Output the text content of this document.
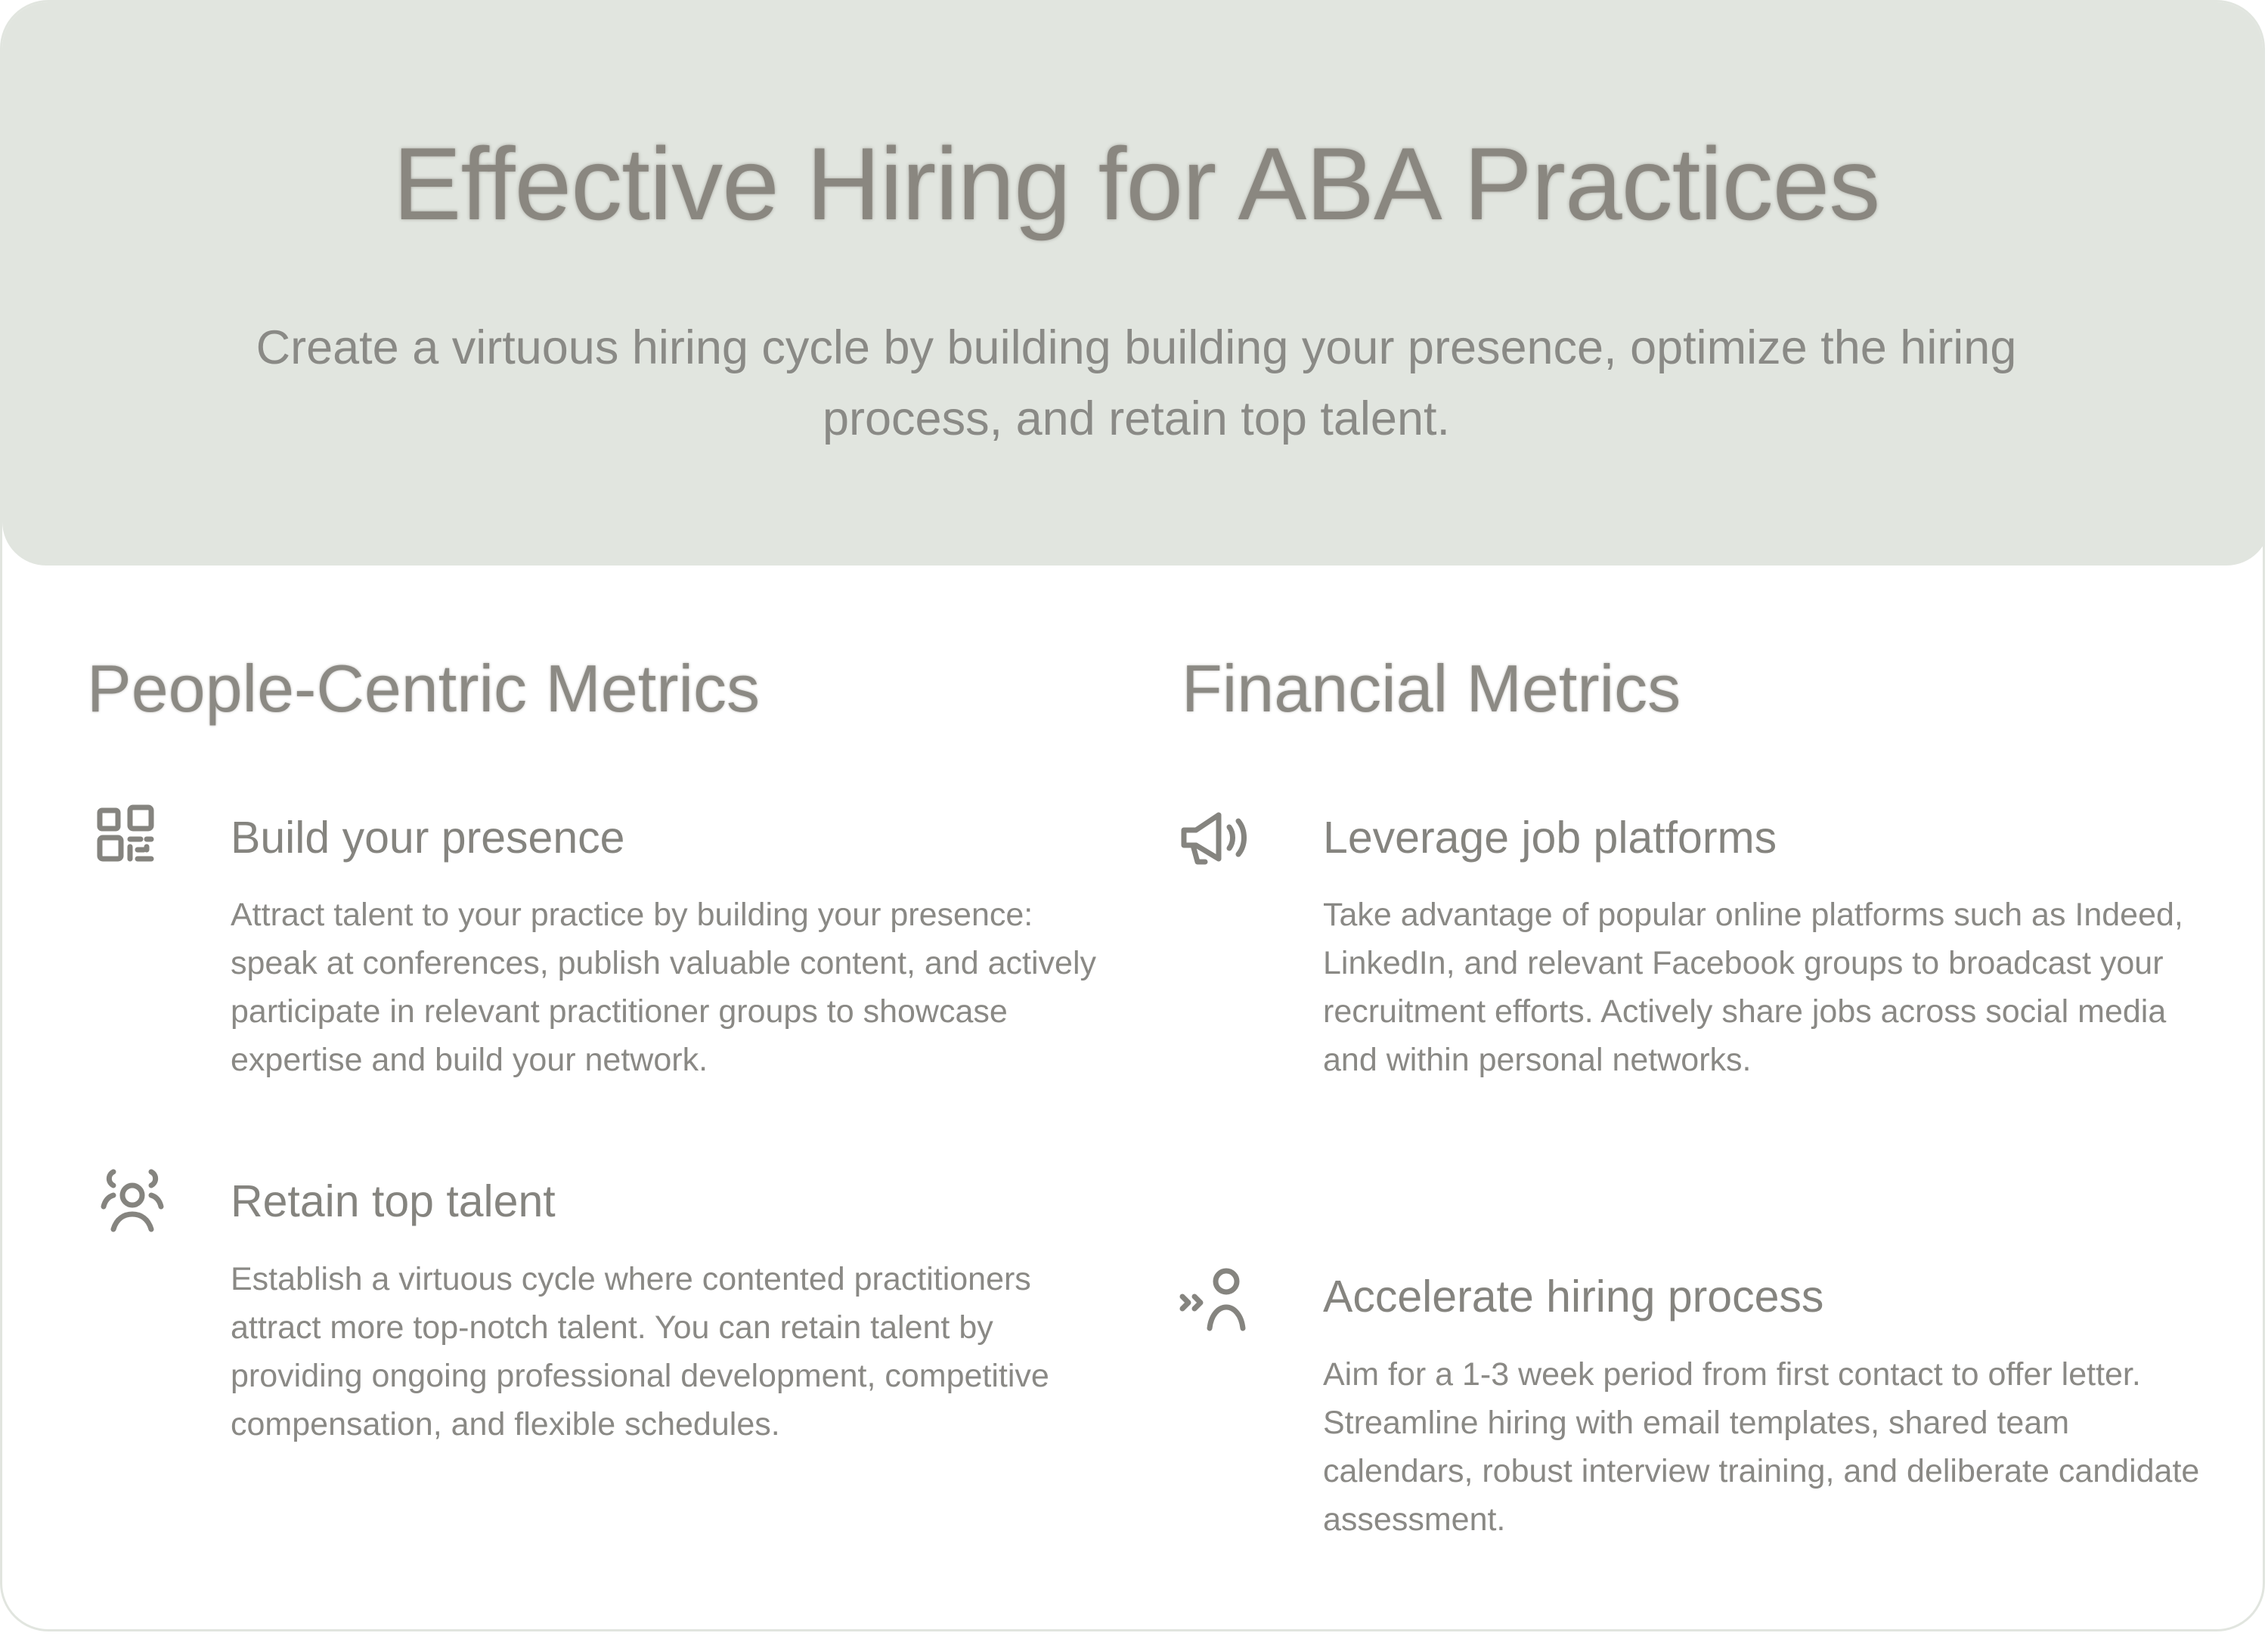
Effective Hiring for ABA Practices
Create a virtuous hiring cycle by building building your presence, optimize the hiring process, and retain top talent.
People-Centric Metrics
Build your presence
Attract talent to your practice by building your presence: speak at conferences, publish valuable content, and actively participate in relevant practitioner groups to showcase expertise and build your network.
Retain top talent
Establish a virtuous cycle where contented practitioners attract more top-notch talent. You can retain talent by providing ongoing professional development, competitive compensation, and flexible schedules.
Financial Metrics
Leverage job platforms
Take advantage of popular online platforms such as Indeed, LinkedIn, and relevant Facebook groups to broadcast your recruitment efforts. Actively share jobs across social media and within personal networks.
Accelerate hiring process
Aim for a 1-3 week period from first contact to offer letter. Streamline hiring with email templates, shared team calendars, robust interview training, and deliberate candidate assessment.
